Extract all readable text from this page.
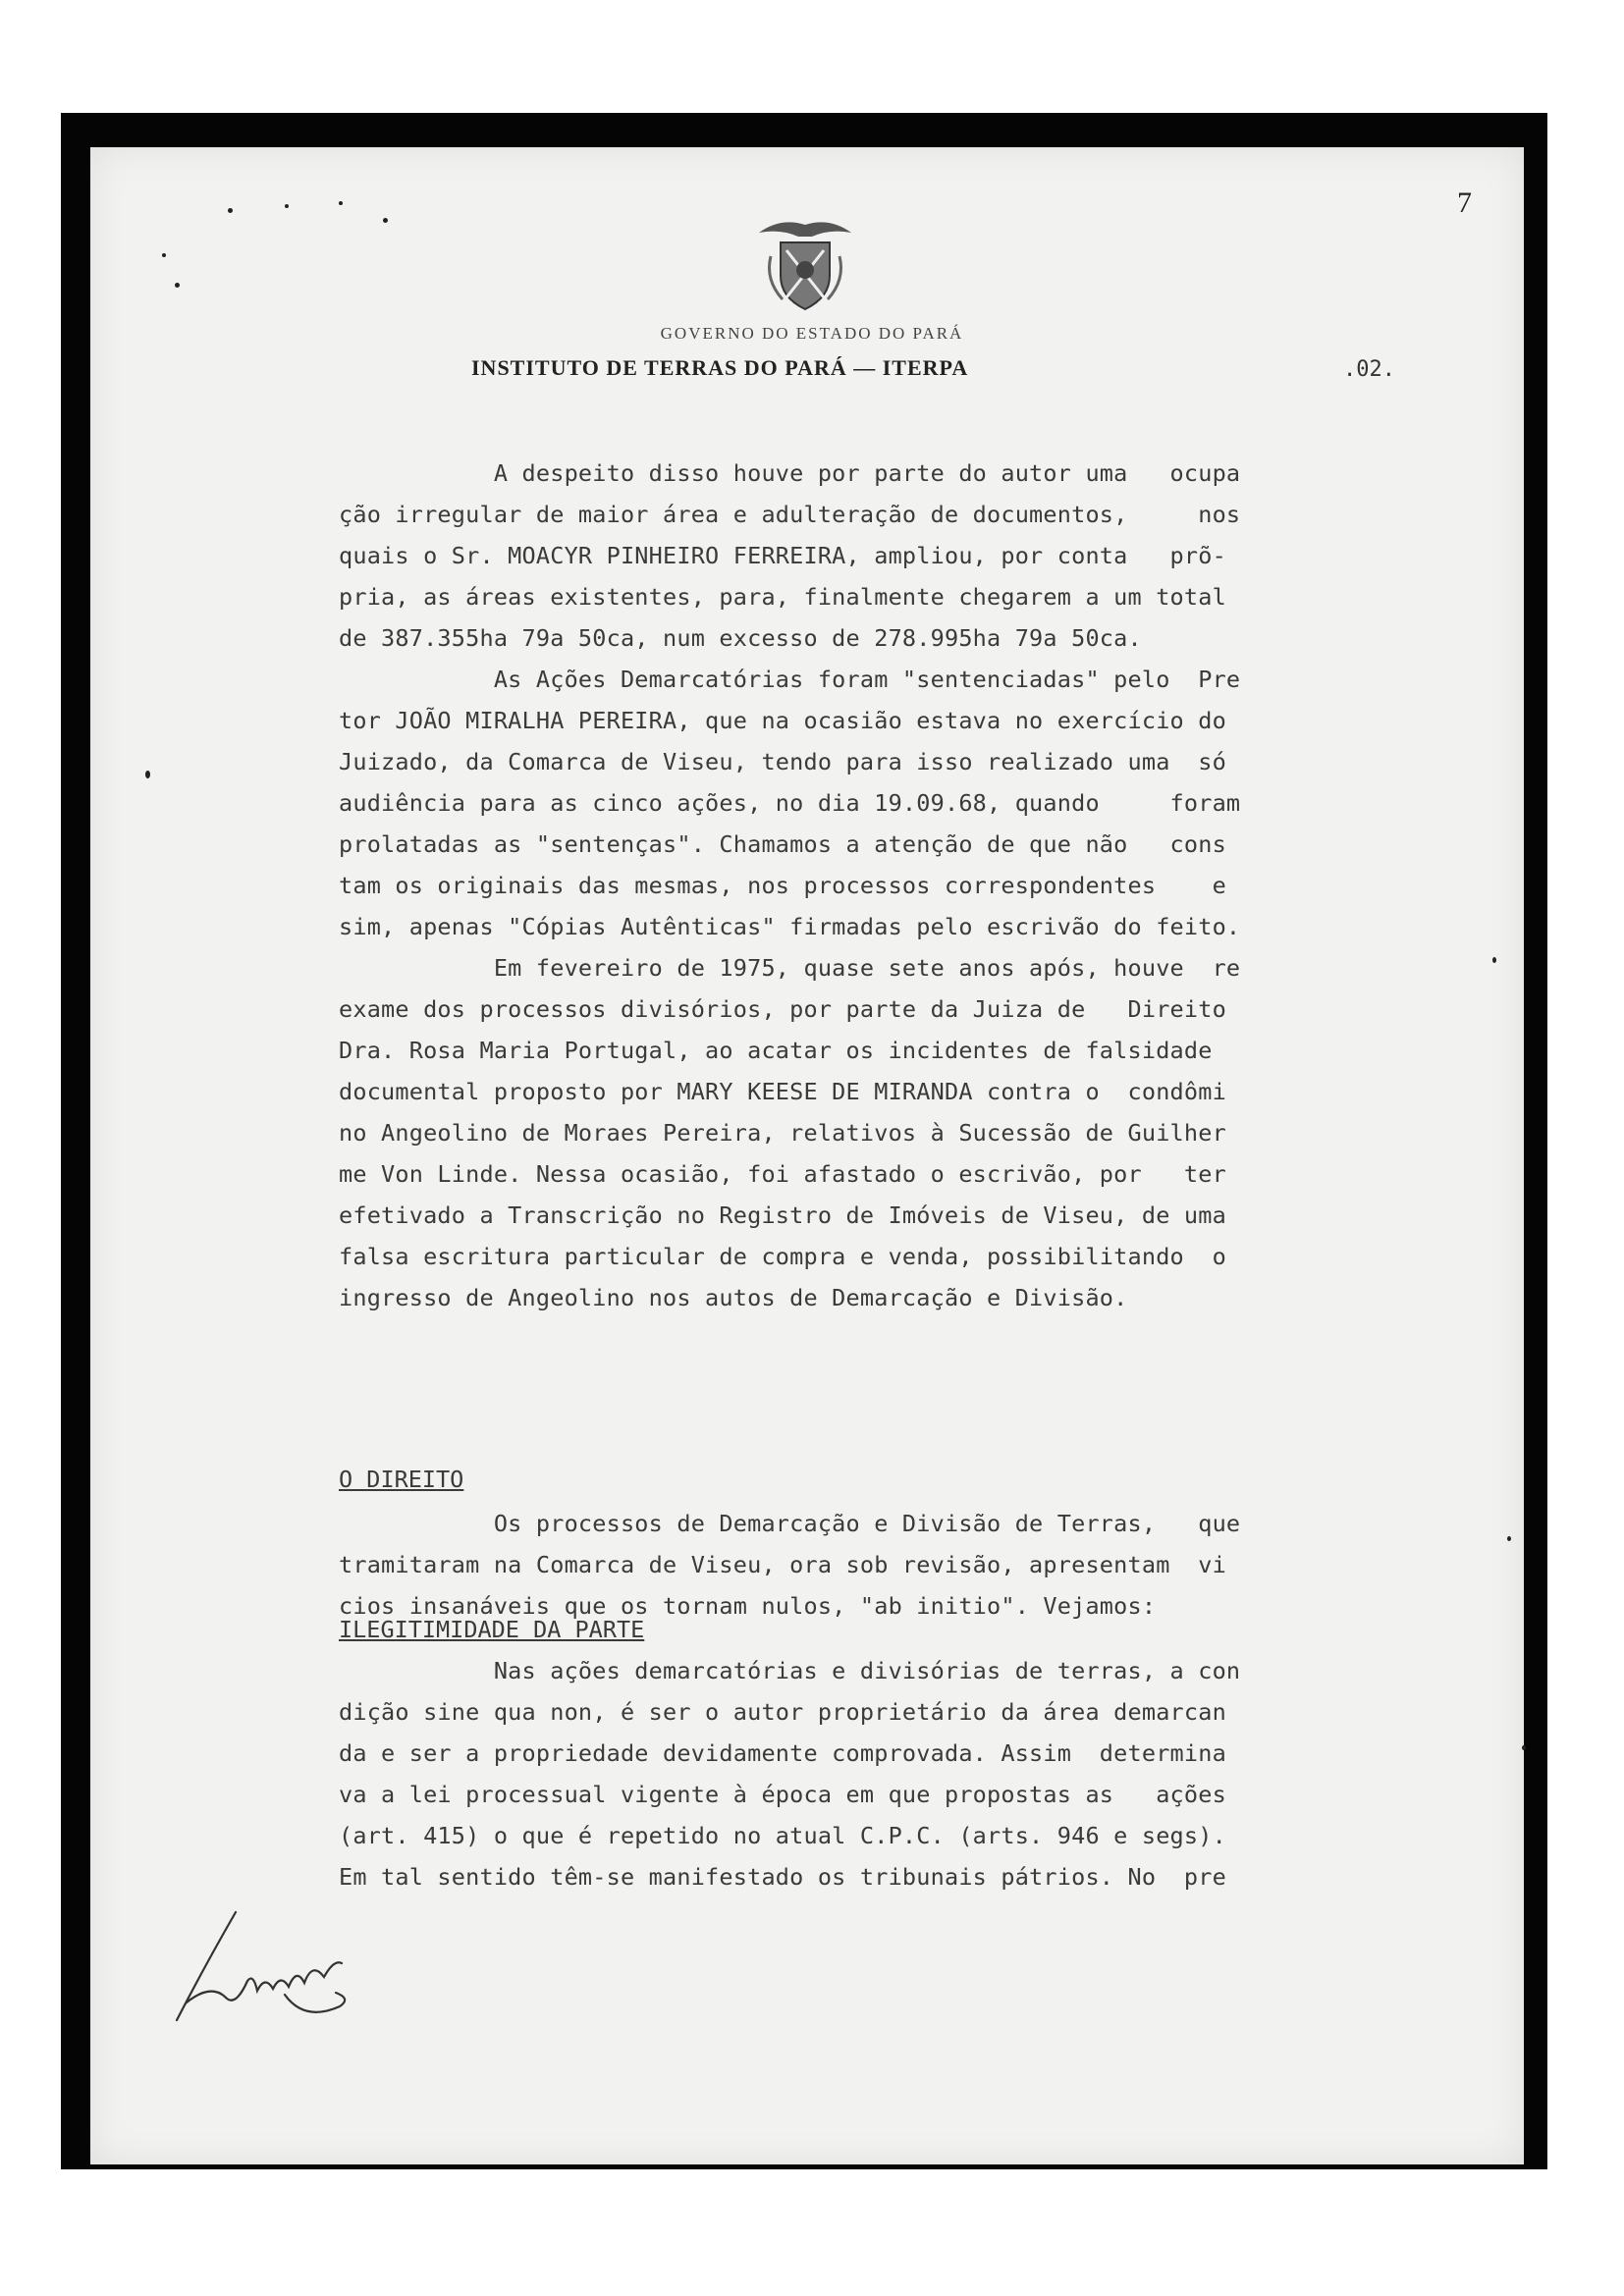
7
GOVERNO DO ESTADO DO PARÁ
INSTITUTO DE TERRAS DO PARÁ — ITERPA	.02.
A despeito disso houve por parte do autor uma   ocupa
ção irregular de maior área e adulteração de documentos,     nos
quais o Sr. MOACYR PINHEIRO FERREIRA, ampliou, por conta   prõ-
pria, as áreas existentes, para, finalmente chegarem a um total
de 387.355ha 79a 50ca, num excesso de 278.995ha 79a 50ca.
As Ações Demarcatórias foram "sentenciadas" pelo  Pre
tor JOÃO MIRALHA PEREIRA, que na ocasião estava no exercício do
Juizado, da Comarca de Viseu, tendo para isso realizado uma  só
audiência para as cinco ações, no dia 19.09.68, quando     foram
prolatadas as "sentenças". Chamamos a atenção de que não   cons
tam os originais das mesmas, nos processos correspondentes    e
sim, apenas "Cópias Autênticas" firmadas pelo escrivão do feito.
Em fevereiro de 1975, quase sete anos após, houve  re
exame dos processos divisórios, por parte da Juiza de   Direito
Dra. Rosa Maria Portugal, ao acatar os incidentes de falsidade
documental proposto por MARY KEESE DE MIRANDA contra o  condômi
no Angeolino de Moraes Pereira, relativos à Sucessão de Guilher
me Von Linde. Nessa ocasião, foi afastado o escrivão, por   ter
efetivado a Transcrição no Registro de Imóveis de Viseu, de uma
falsa escritura particular de compra e venda, possibilitando  o
ingresso de Angeolino nos autos de Demarcação e Divisão.
Os processos de Demarcação e Divisão de Terras,   que
tramitaram na Comarca de Viseu, ora sob revisão, apresentam  vi
cios insanáveis que os tornam nulos, "ab initio". Vejamos:
Nas ações demarcatórias e divisórias de terras, a con
dição sine qua non, é ser o autor proprietário da área demarcan
da e ser a propriedade devidamente comprovada. Assim  determina
va a lei processual vigente à época em que propostas as   ações
(art. 415) o que é repetido no atual C.P.C. (arts. 946 e segs).
Em tal sentido têm-se manifestado os tribunais pátrios. No  pre
O DIREITO
ILEGITIMIDADE DA PARTE
